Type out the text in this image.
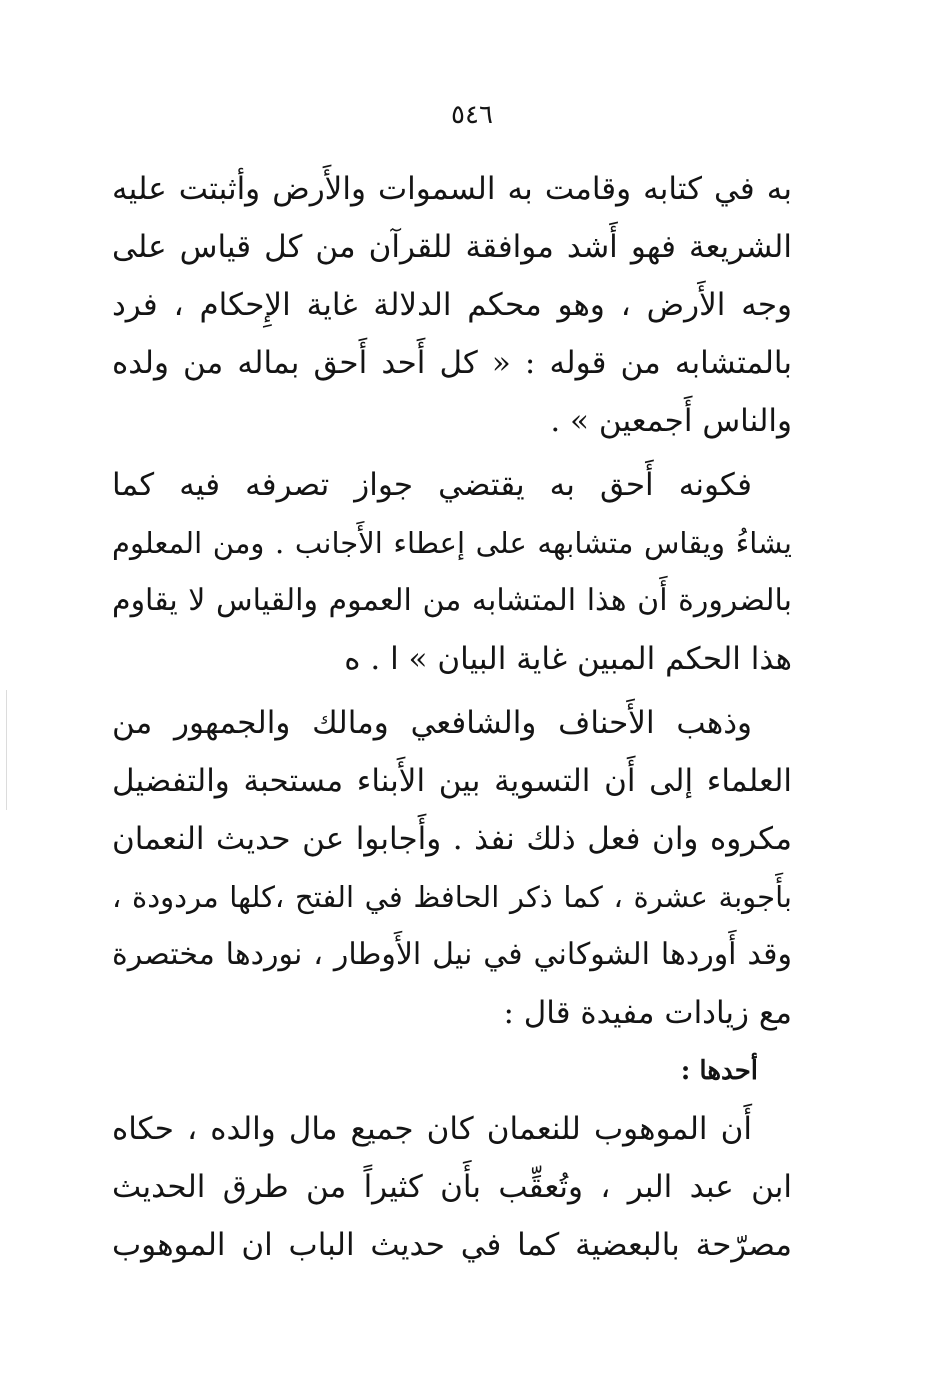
٥٤٦
به في كتابه وقامت به السموات والأَرض وأثبتت عليه
الشريعة فهو أَشد موافقة للقرآن من كل قياس على
وجه الأَرض ، وهو محكم الدلالة غاية الإِحكام ، فرد
بالمتشابه من قوله : « كل أَحد أَحق بماله من ولده
والناس أَجمعين » .
فكونه أَحق به يقتضي جواز تصرفه فيه كما
يشاءُ ويقاس متشابهه على إعطاء الأَجانب . ومن المعلوم
بالضرورة أَن هذا المتشابه من العموم والقياس لا يقاوم
هذا الحكم المبين غاية البيان » ا . ه
وذهب الأَحناف والشافعي ومالك والجمهور من
العلماء إلى أَن التسوية بين الأَبناء مستحبة والتفضيل
مكروه وان فعل ذلك نفذ . وأَجابوا عن حديث النعمان
بأَجوبة عشرة ، كما ذكر الحافظ في الفتح ،كلها مردودة ،
وقد أَوردها الشوكاني في نيل الأَوطار ، نوردها مختصرة
مع زيادات مفيدة قال :
أحدها :
أَن الموهوب للنعمان كان جميع مال والده ، حكاه
ابن عبد البر ، وتُعقِّب بأَن كثيراً من طرق الحديث
مصرّحة بالبعضية كما في حديث الباب ان الموهوب
